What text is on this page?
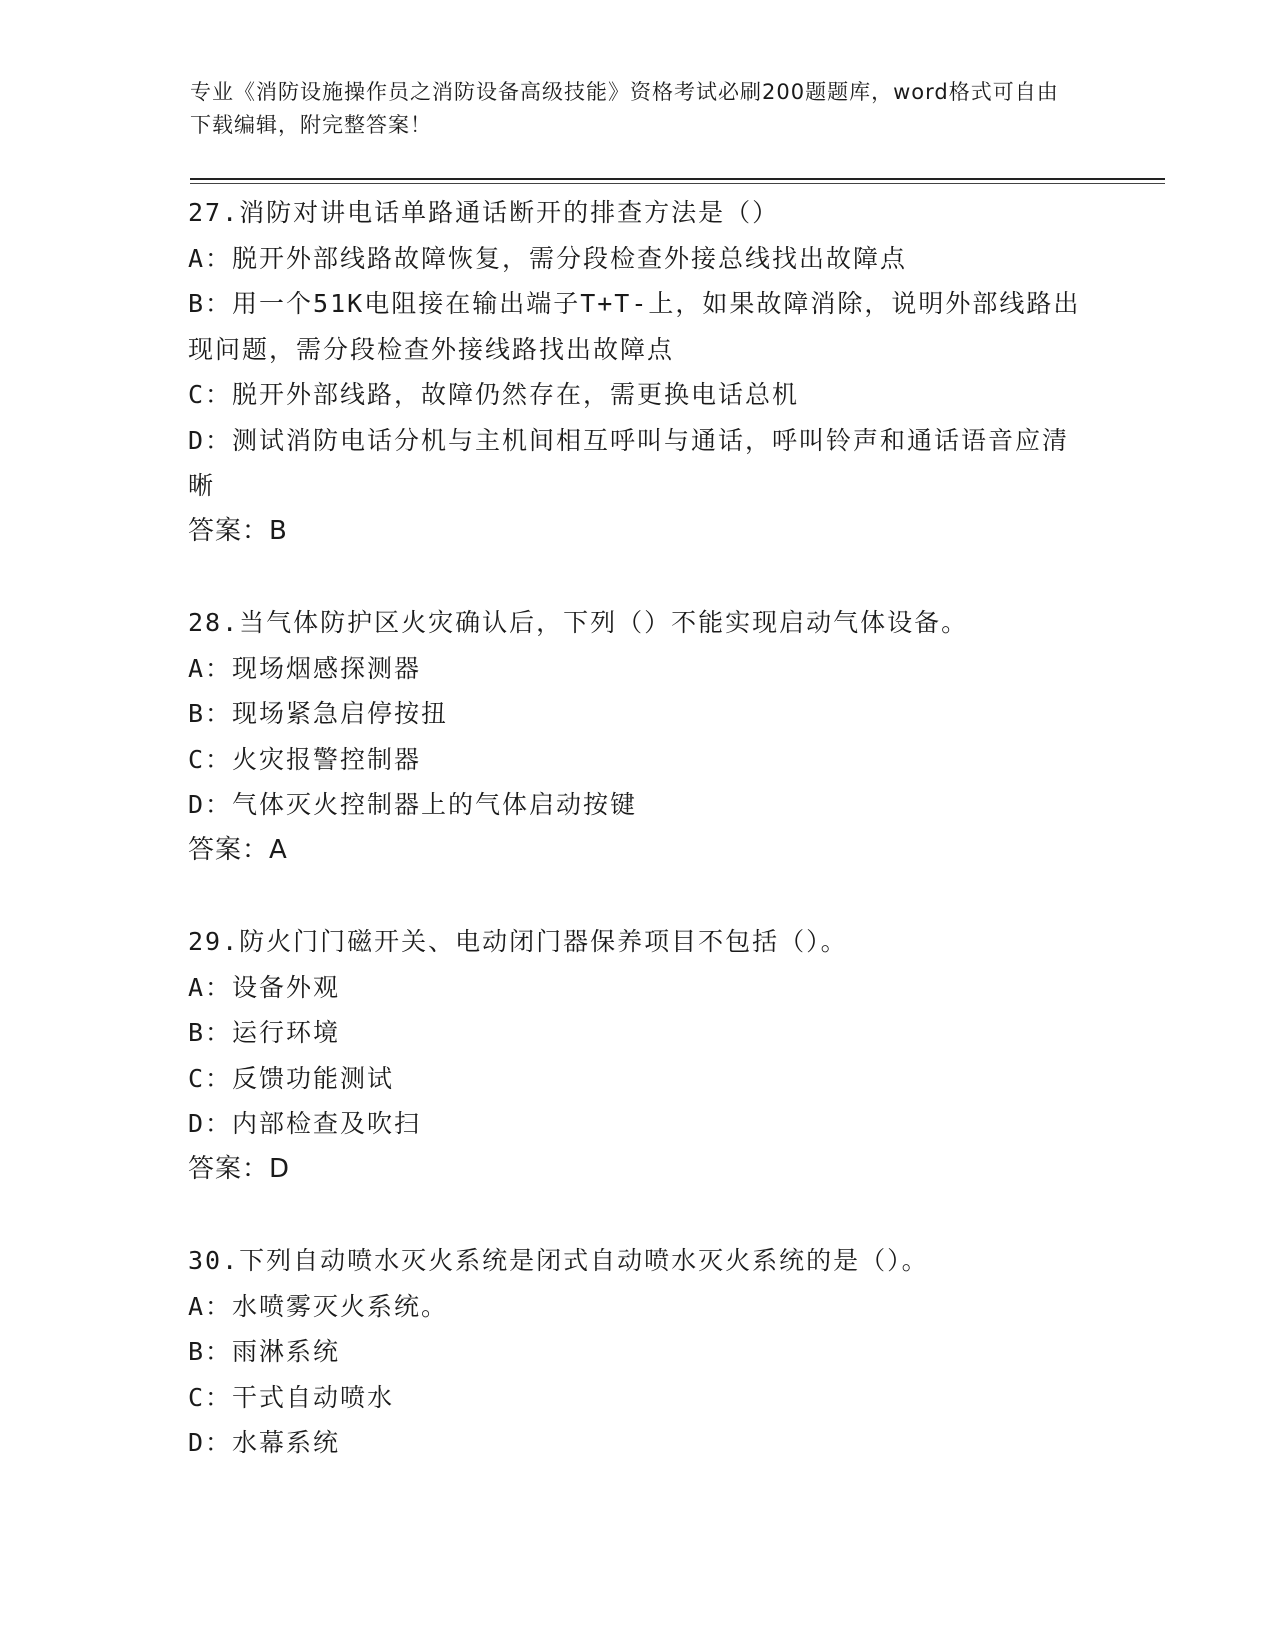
专业《消防设施操作员之消防设备高级技能》资格考试必刷200题题库，word格式可自由下载编辑，附完整答案！

27.消防对讲电话单路通话断开的排查方法是（）

A：脱开外部线路故障恢复，需分段检查外接总线找出故障点

B：用一个51K电阻接在输出端子T+T-上，如果故障消除，说明外部线路出现问题，需分段检查外接线路找出故障点

C：脱开外部线路，故障仍然存在，需更换电话总机

D：测试消防电话分机与主机间相互呼叫与通话，呼叫铃声和通话语音应清晰

答案：B

28.当气体防护区火灾确认后，下列（）不能实现启动气体设备。

A：现场烟感探测器

B：现场紧急启停按扭

C：火灾报警控制器

D：气体灭火控制器上的气体启动按键

答案：A

29.防火门门磁开关、电动闭门器保养项目不包括（）。

A：设备外观

B：运行环境

C：反馈功能测试

D：内部检查及吹扫

答案：D

30.下列自动喷水灭火系统是闭式自动喷水灭火系统的是（）。

A：水喷雾灭火系统。

B：雨淋系统

C：干式自动喷水

D：水幕系统
